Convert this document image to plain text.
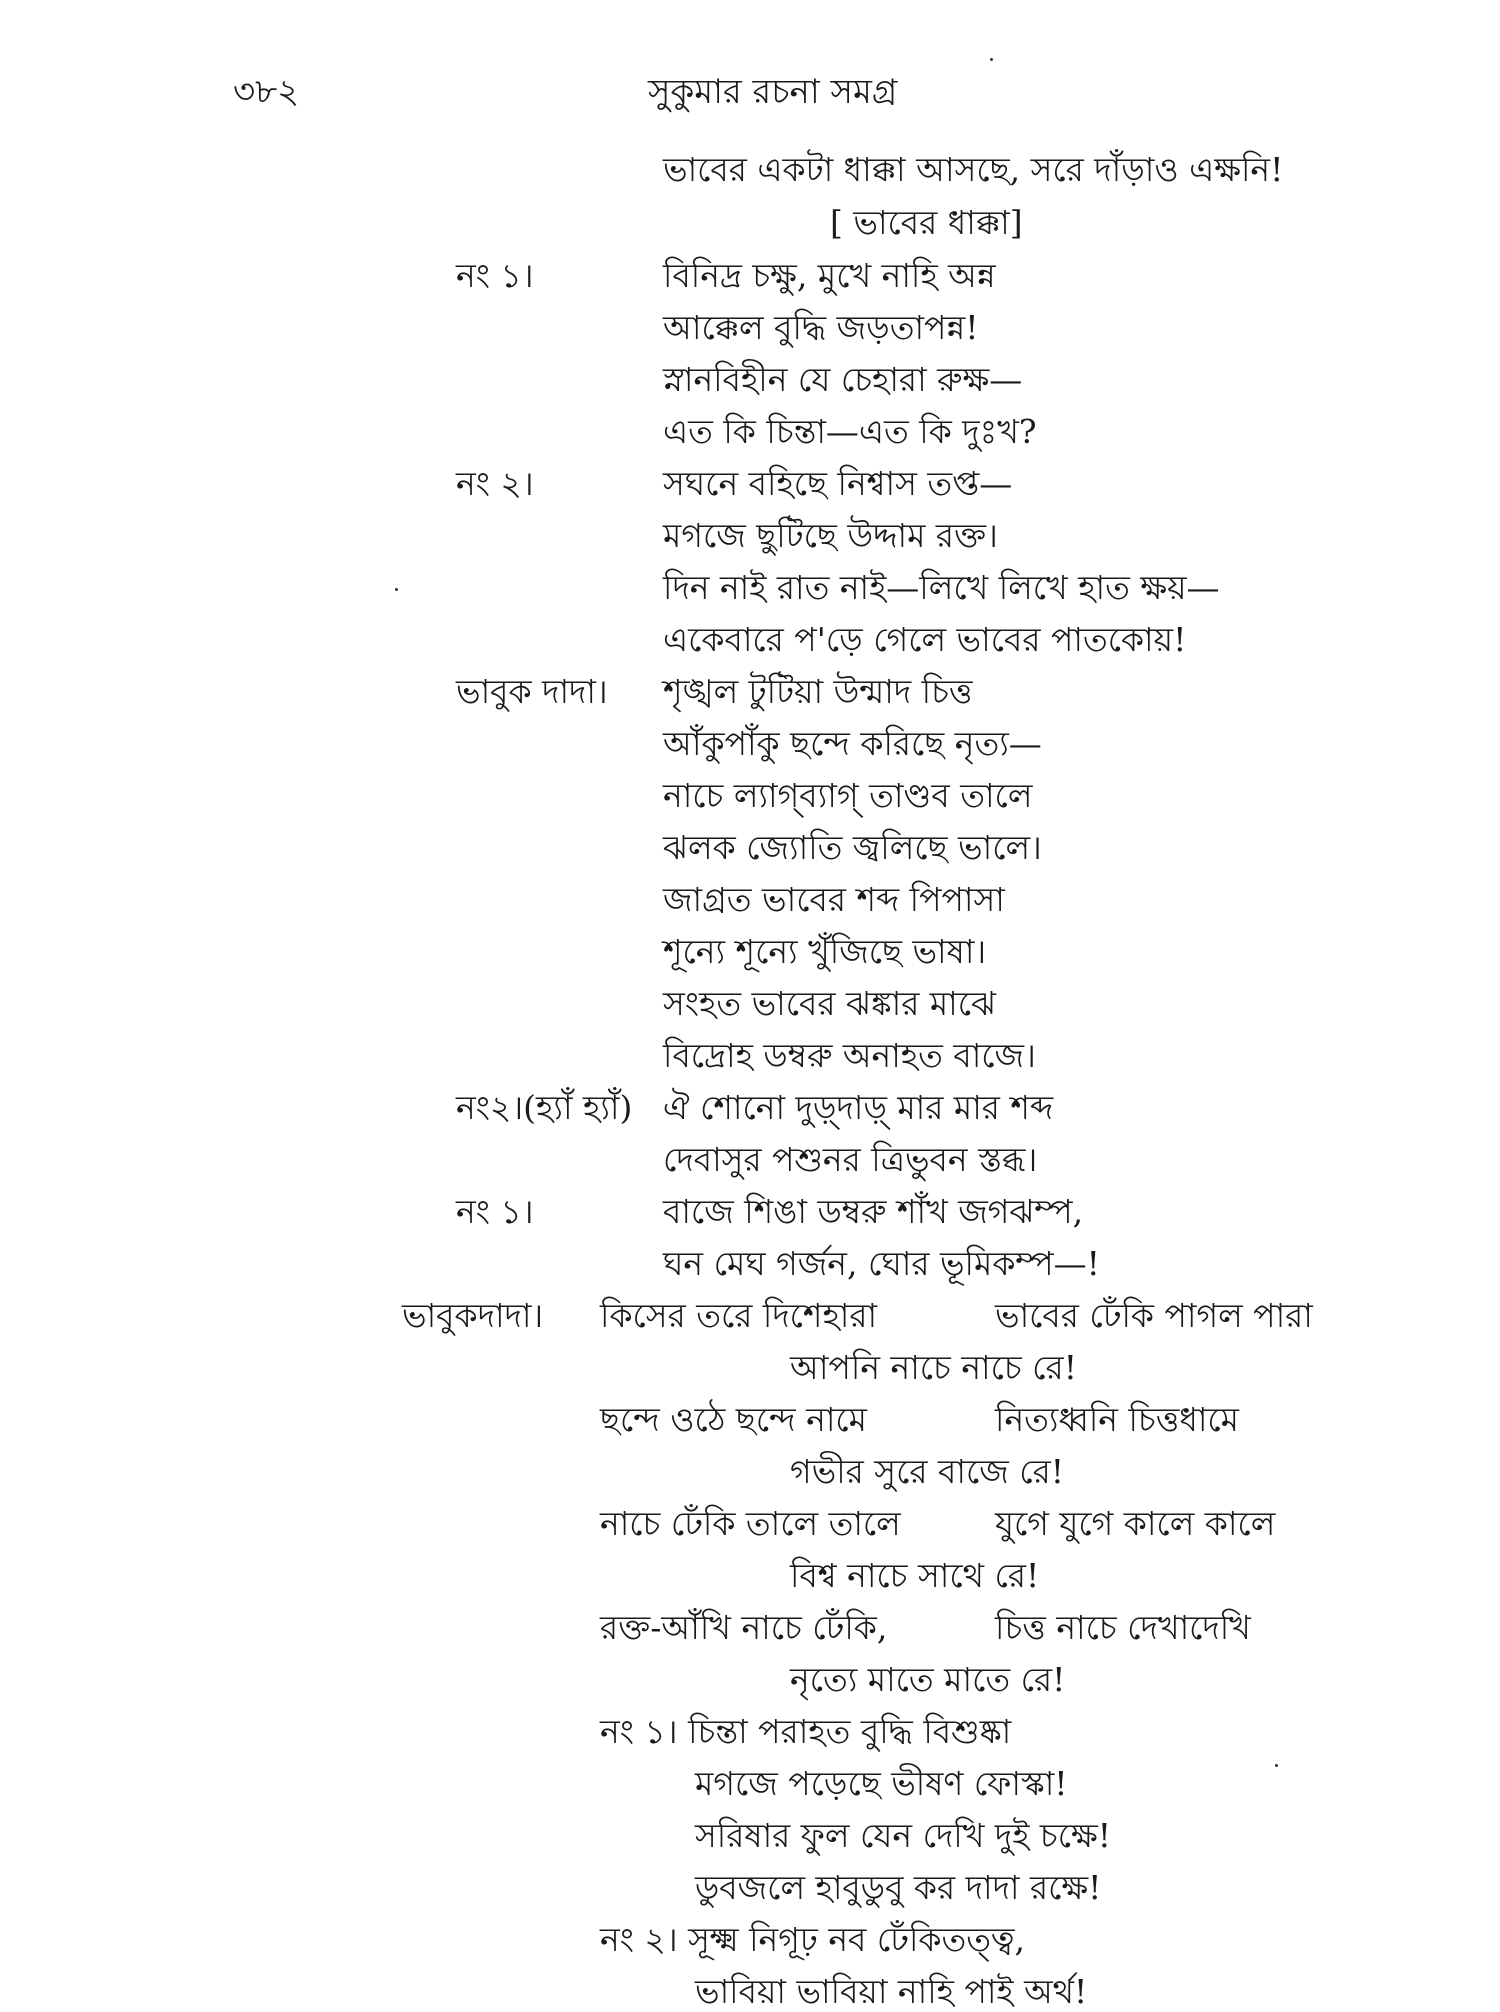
৩৮২	সুকুমার রচনা সমগ্র
ভাবের একটা ধাক্কা আসছে, সরে দাঁড়াও এক্ষনি!
[ ভাবের ধাক্কা]
নং ১।	বিনিদ্র চক্ষু, মুখে নাহি অন্ন
আক্কেল বুদ্ধি জড়তাপন্ন!
স্নানবিহীন যে চেহারা রুক্ষ—
এত কি চিন্তা—এত কি দুঃখ?
নং ২।	সঘনে বহিছে নিশ্বাস তপ্ত—
মগজে ছুটিছে উদ্দাম রক্ত।
দিন নাই রাত নাই—লিখে লিখে হাত ক্ষয়—
একেবারে প'ড়ে গেলে ভাবের পাতকোয়!
ভাবুক দাদা। শৃঙ্খল টুটিয়া উন্মাদ চিত্ত
আঁকুপাঁকু ছন্দে করিছে নৃত্য—
নাচে ল্যাগ্‌ব্যাগ্‌ তাণ্ডব তালে
ঝলক জ্যোতি জ্বলিছে ভালে।
জাগ্রত ভাবের শব্দ পিপাসা
শূন্যে শূন্যে খুঁজিছে ভাষা।
সংহত ভাবের ঝঙ্কার মাঝে
বিদ্রোহ ডম্বরু অনাহত বাজে।
নং২।(হ্যাঁ হ্যাঁ) ঐ শোনো দুড়্দাড়্ মার মার শব্দ
দেবাসুর পশুনর ত্রিভুবন স্তব্ধ।
নং ১।	বাজে শিঙা ডম্বরু শাঁখ জগঝম্প,
ঘন মেঘ গর্জন, ঘোর ভূমিকম্প—!
ভাবুকদাদা। কিসের তরে দিশেহারা	ভাবের ঢেঁকি পাগল পারা
আপনি নাচে নাচে রে!
ছন্দে ওঠে ছন্দে নামে	নিত্যধ্বনি চিত্তধামে
গভীর সুরে বাজে রে!
নাচে ঢেঁকি তালে তালে	যুগে যুগে কালে কালে
বিশ্ব নাচে সাথে রে!
রক্ত-আঁখি নাচে ঢেঁকি,	চিত্ত নাচে দেখাদেখি
নৃত্যে মাতে মাতে রে!
নং ১। চিন্তা পরাহত বুদ্ধি বিশুষ্কা
মগজে পড়েছে ভীষণ ফোস্কা!
সরিষার ফুল যেন দেখি দুই চক্ষে!
ডুবজলে হাবুডুবু কর দাদা রক্ষে!
নং ২। সূক্ষ্ম নিগূঢ় নব ঢেঁকিতত্ত্ব,
ভাবিয়া ভাবিয়া নাহি পাই অর্থ!
